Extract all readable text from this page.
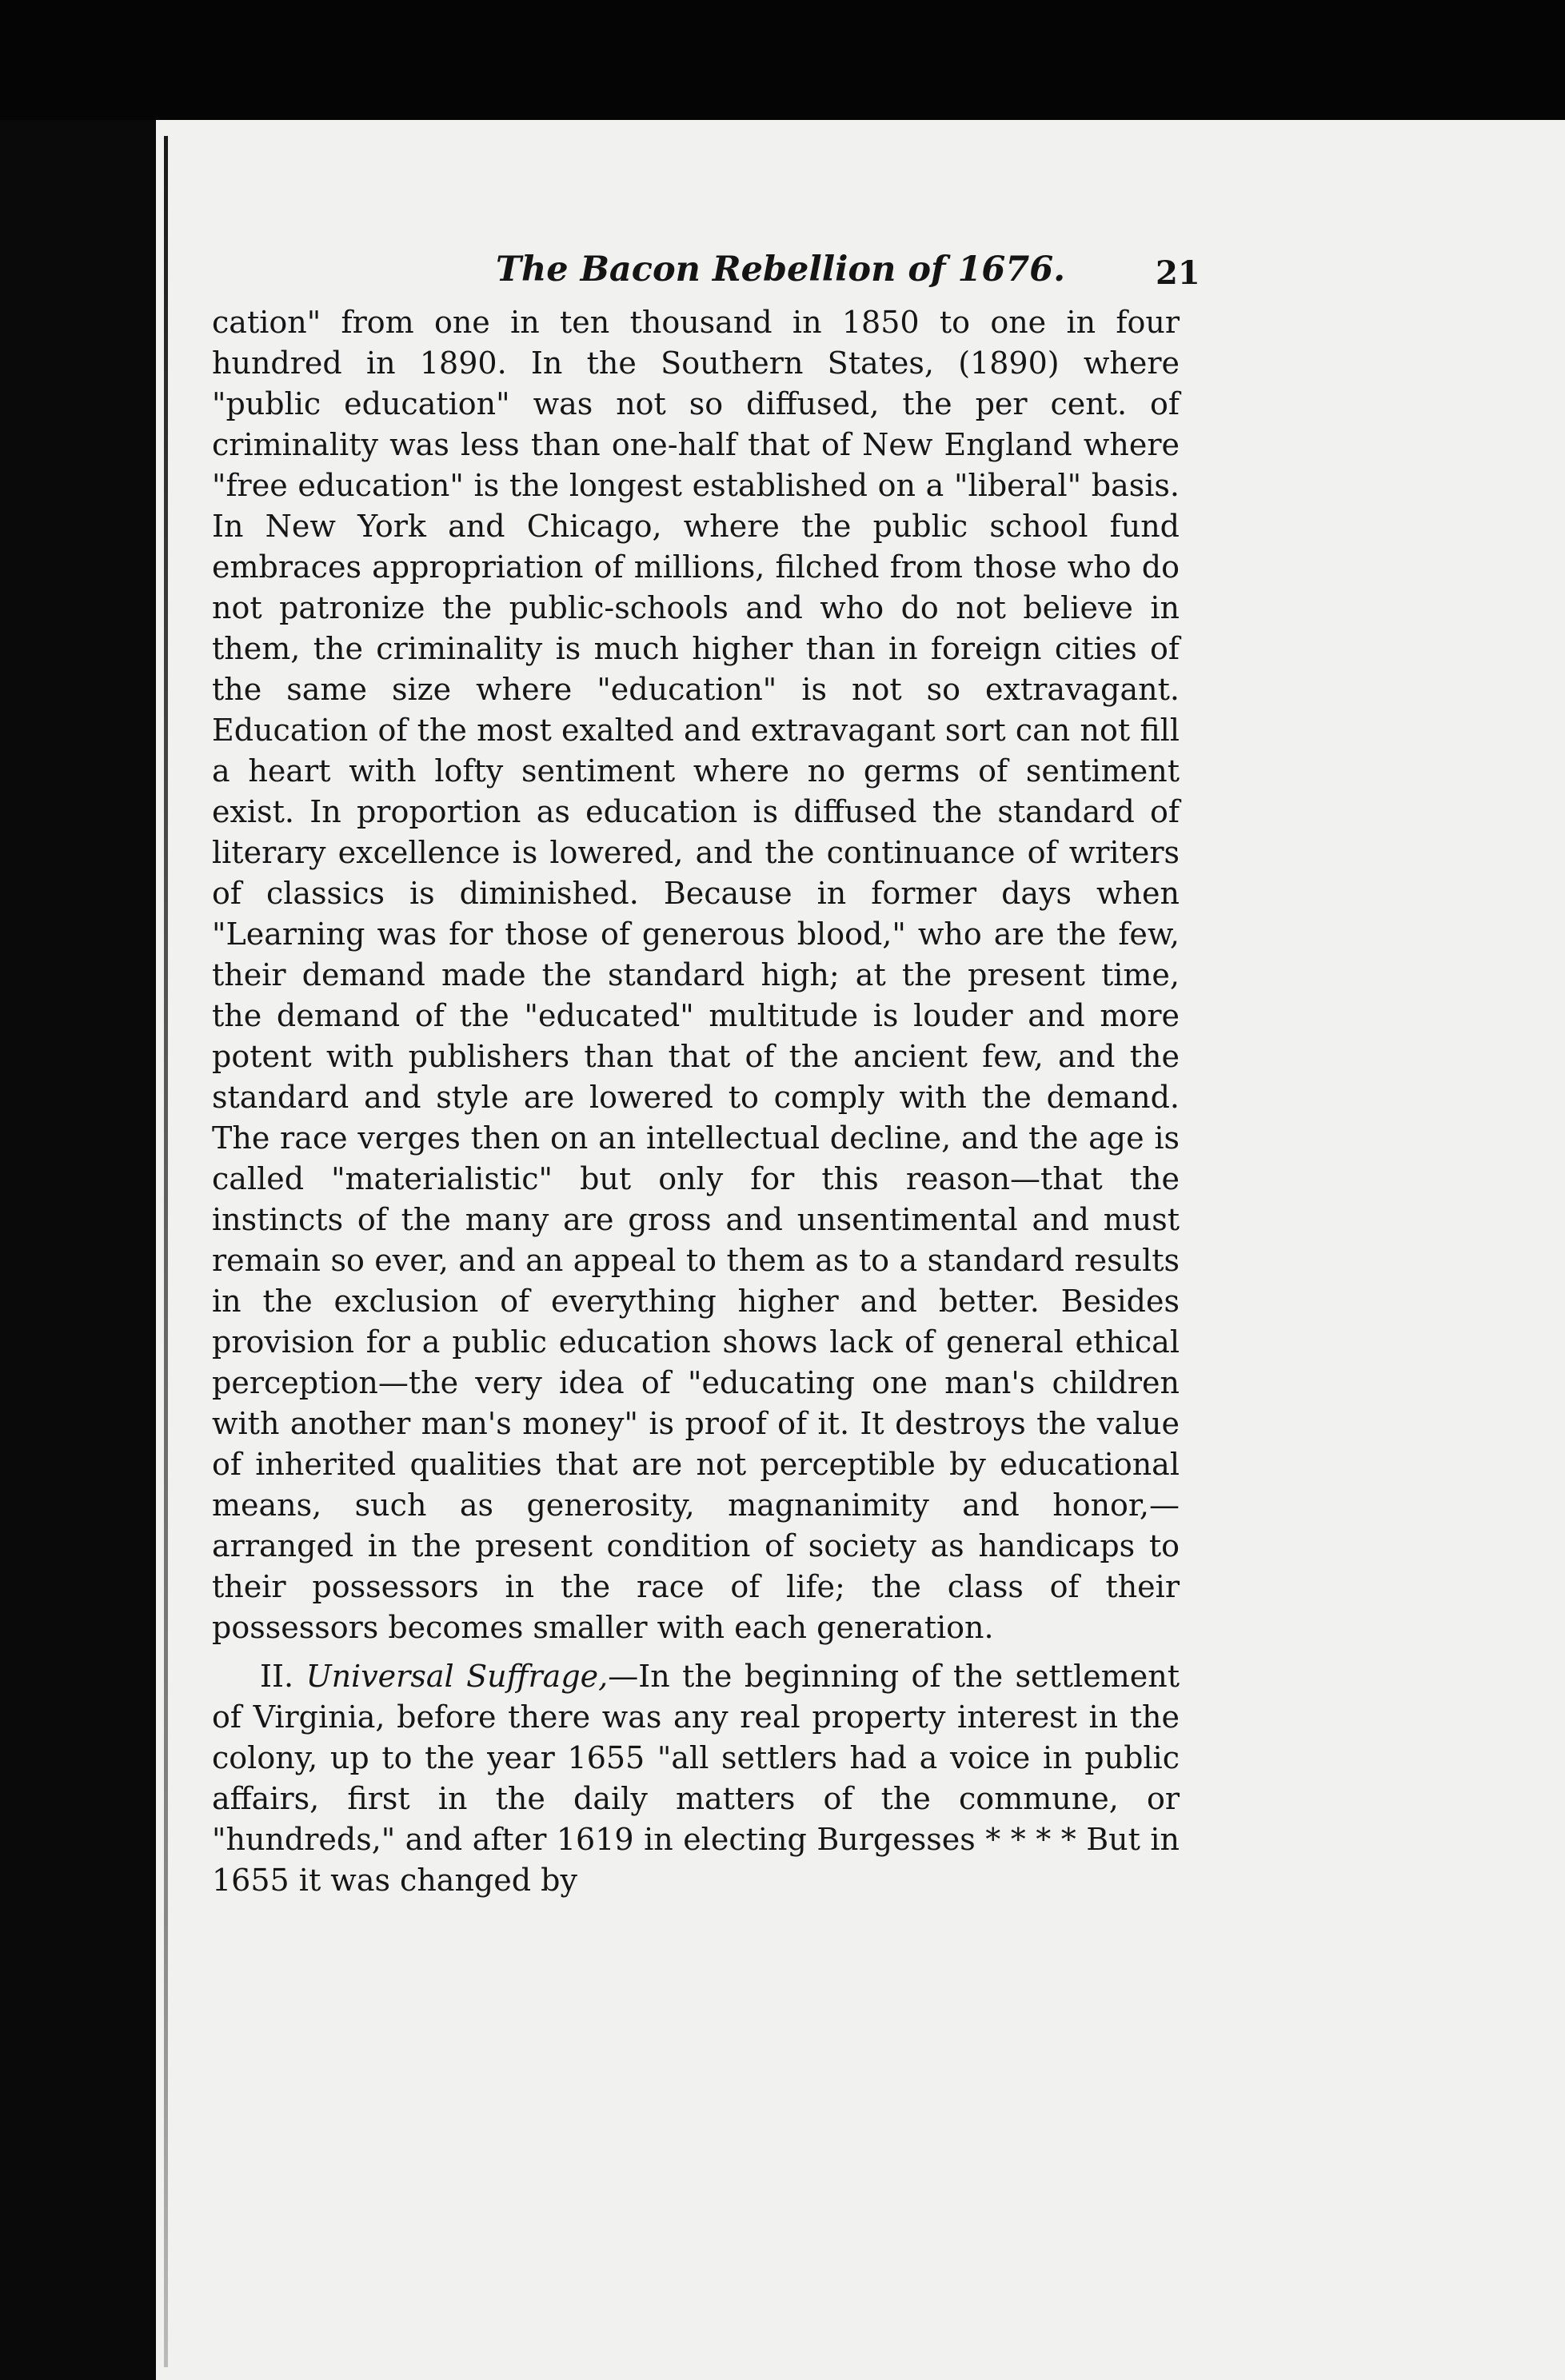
The Bacon Rebellion of 1676.	21

cation" from one in ten thousand in 1850 to one in four hundred in 1890. In the Southern States, (1890) where "public education" was not so diffused, the per cent. of criminality was less than one-half that of New England where "free education" is the longest established on a "liberal" basis. In New York and Chicago, where the public school fund embraces appropriation of millions, filched from those who do not patronize the public-schools and who do not believe in them, the criminality is much higher than in foreign cities of the same size where "education" is not so extravagant. Education of the most exalted and extravagant sort can not fill a heart with lofty sentiment where no germs of sentiment exist. In proportion as education is diffused the standard of literary excellence is lowered, and the continuance of writers of classics is diminished. Because in former days when "Learning was for those of generous blood," who are the few, their demand made the standard high; at the present time, the demand of the "educated" multitude is louder and more potent with publishers than that of the ancient few, and the standard and style are lowered to comply with the demand. The race verges then on an intellectual decline, and the age is called "materialistic" but only for this reason—that the instincts of the many are gross and unsentimental and must remain so ever, and an appeal to them as to a standard results in the exclusion of everything higher and better. Besides provision for a public education shows lack of general ethical perception—the very idea of "educating one man's children with another man's money" is proof of it. It destroys the value of inherited qualities that are not perceptible by educational means, such as generosity, magnanimity and honor,—arranged in the present condition of society as handicaps to their possessors in the race of life; the class of their possessors becomes smaller with each generation.

II. Universal Suffrage,—In the beginning of the settlement of Virginia, before there was any real property interest in the colony, up to the year 1655 "all settlers had a voice in public affairs, first in the daily matters of the commune, or "hundreds," and after 1619 in electing Burgesses * * * * But in 1655 it was changed by
